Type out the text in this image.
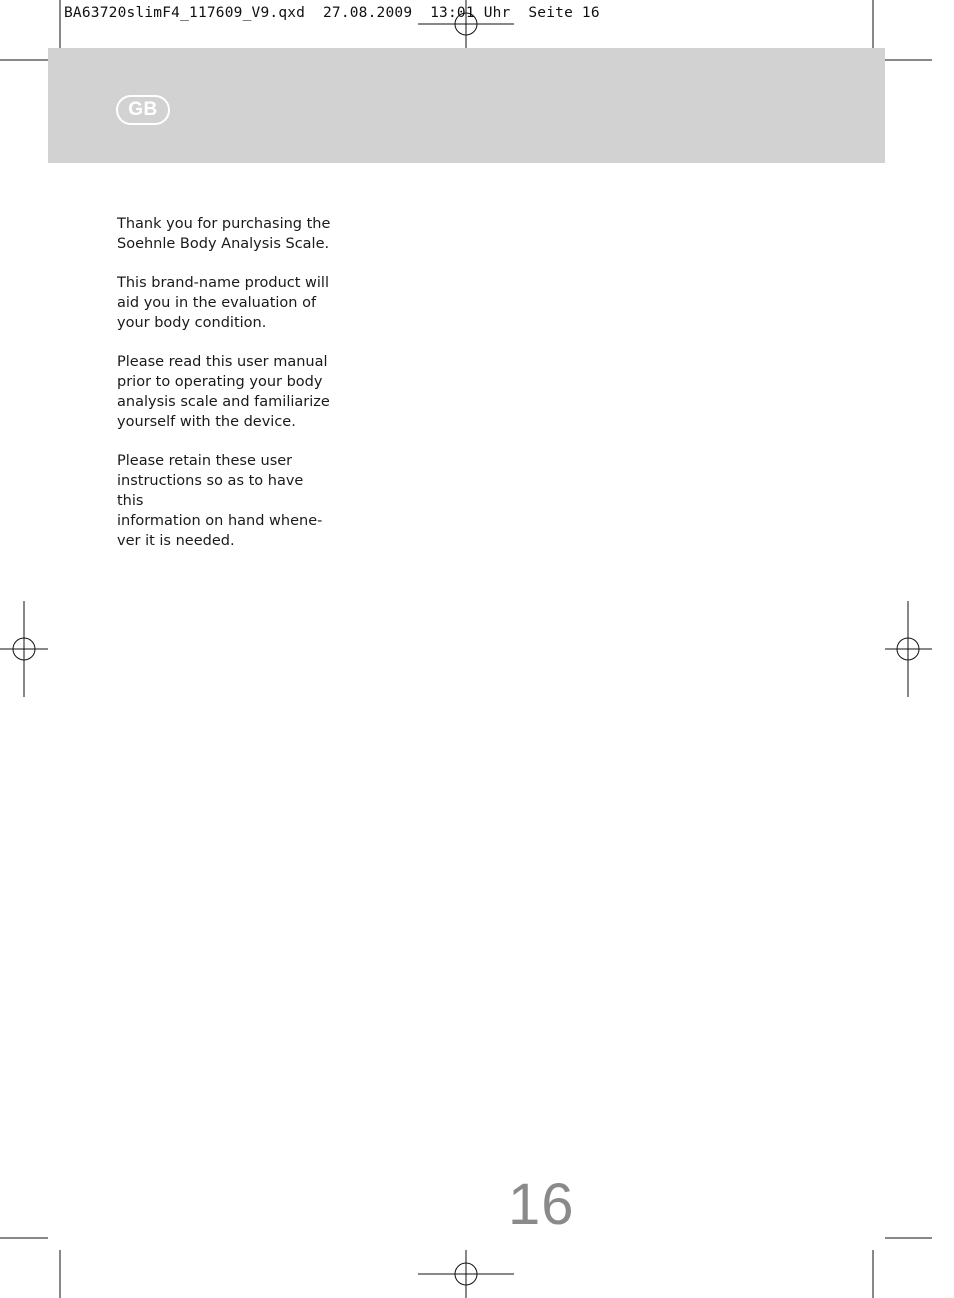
BA63720slimF4_117609_V9.qxd  27.08.2009  13:01 Uhr  Seite 16
GB

Thank you for purchasing the
Soehnle Body Analysis Scale.

This brand-name product will
aid you in the evaluation of
your body condition.

Please read this user manual
prior to operating your body
analysis scale and familiarize
yourself with the device.

Please retain these user
instructions so as to have this
information on hand whene-
ver it is needed.

16
